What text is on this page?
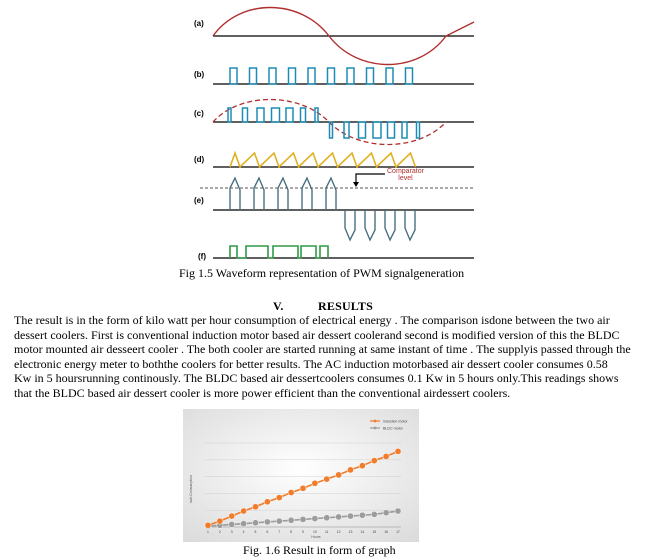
(a)
(b)
(c)
(d)
(e)
(f)
Comparator
level
Fig 1.5 Waveform representation of PWM signalgeneration
V.	RESULTS
The result is in the form of kilo watt per hour consumption of electrical energy . The comparison isdone between the two air
dessert coolers. First is conventional induction motor based air dessert coolerand second is modified version of this the BLDC
motor mounted air desseert cooler . The both cooler are started running at same instant of time . The supplyis passed through the
electronic energy meter to boththe coolers for better results. The AC induction motorbased air dessert cooler consumes 0.58
Kw in 5 hoursrunning continously. The BLDC based air dessertcoolers consumes 0.1 Kw in 5 hours only.This readings shows
that the BLDC based air dessert cooler is more power efficient than the conventional airdessert coolers.
1	2	3	4	5	6	7	8	9	10 11 12 13 14 15 16 17
induction motor
BLDC motor
Hours
kwh Consumption
Fig. 1.6 Result in form of graph
